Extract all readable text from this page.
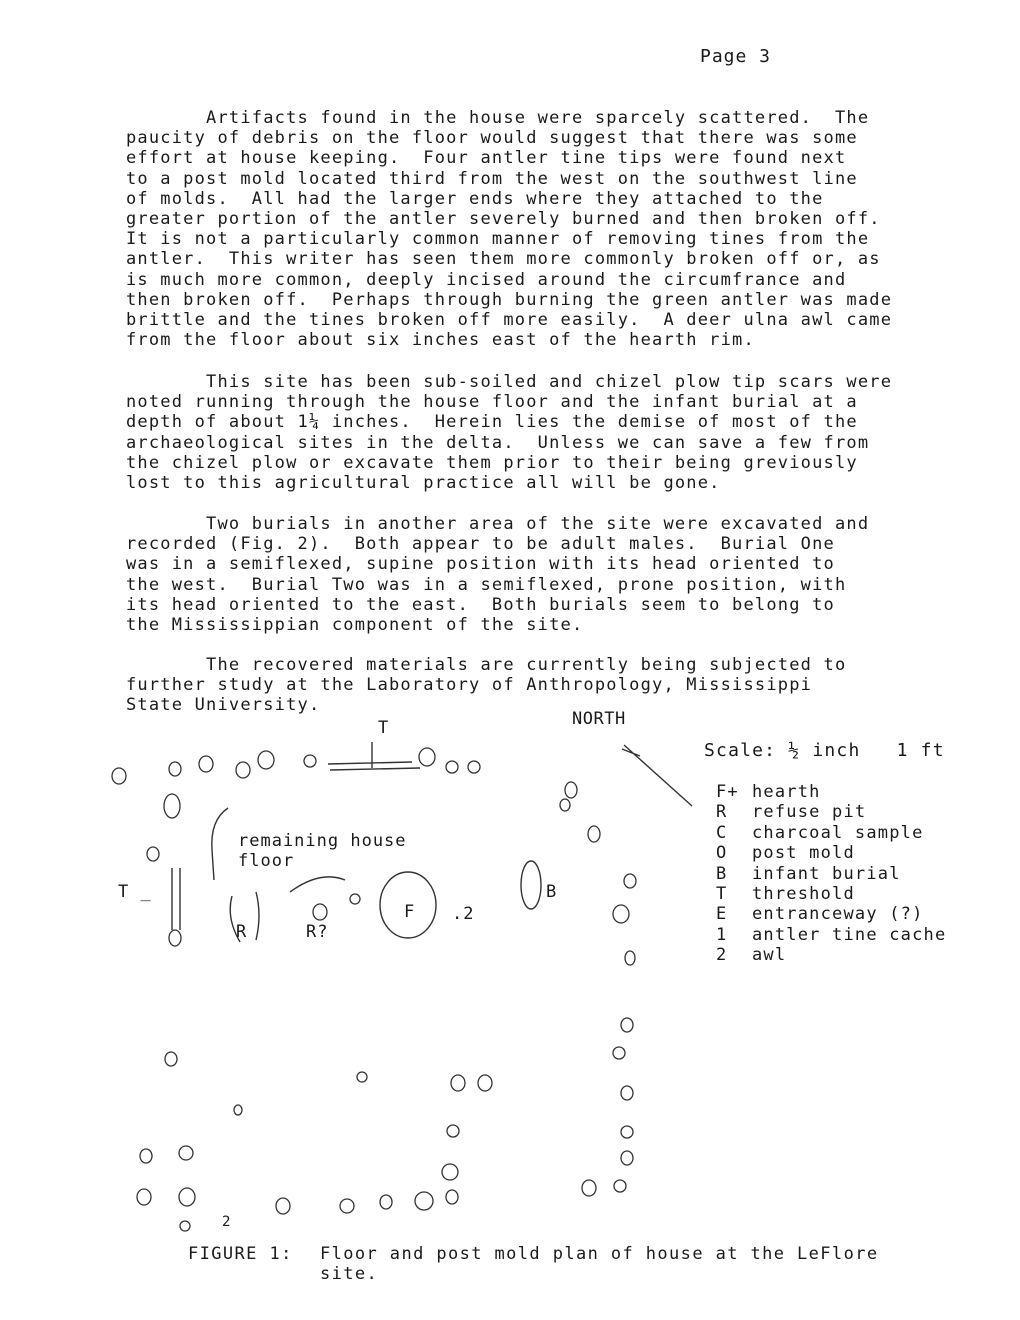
Page 3
Artifacts found in the house were sparcely scattered.  The
paucity of debris on the floor would suggest that there was some
effort at house keeping.  Four antler tine tips were found next
to a post mold located third from the west on the southwest line
of molds.  All had the larger ends where they attached to the
greater portion of the antler severely burned and then broken off.
It is not a particularly common manner of removing tines from the
antler.  This writer has seen them more commonly broken off or, as
is much more common, deeply incised around the circumfrance and
then broken off.  Perhaps through burning the green antler was made
brittle and the tines broken off more easily.  A deer ulna awl came
from the floor about six inches east of the hearth rim.
This site has been sub-soiled and chizel plow tip scars were
noted running through the house floor and the infant burial at a
depth of about 1¼ inches.  Herein lies the demise of most of the
archaeological sites in the delta.  Unless we can save a few from
the chizel plow or excavate them prior to their being greviously
lost to this agricultural practice all will be gone.
Two burials in another area of the site were excavated and
recorded (Fig. 2).  Both appear to be adult males.  Burial One
was in a semiflexed, supine position with its head oriented to
the west.  Burial Two was in a semiflexed, prone position, with
its head oriented to the east.  Both burials seem to belong to
the Mississippian component of the site.
The recovered materials are currently being subjected to
further study at the Laboratory of Anthropology, Mississippi
State University.
NORTH
Scale: ½ inch   1 ft
T
T _
remaining house
floor
R	R?
F .2
B
2
F+ hearth
R	refuse pit
C	charcoal sample
O	post mold
B	infant burial
T	threshold
E	entranceway (?)
1	antler tine cache
2	awl
FIGURE 1: Floor and post mold plan of house at the LeFlore
site.
